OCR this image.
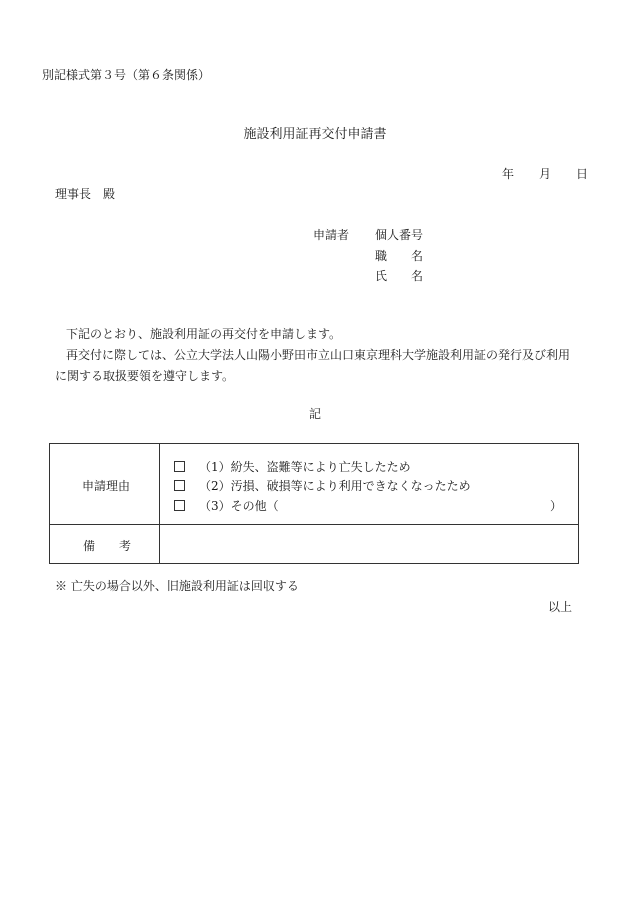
別記様式第３号（第６条関係）
施設利用証再交付申請書
年 月 日
理事長　殿
申請者 個人番号
職　　名
氏　　名
下記のとおり、施設利用証の再交付を申請します。
再交付に際しては、公立大学法人山陽小野田市立山口東京理科大学施設利用証の発行及び利用
に関する取扱要領を遵守します。
記
申請理由
（1）紛失、盗難等により亡失したため
（2）汚損、破損等により利用できなくなったため
（3）その他（	）
備　　考
※ 亡失の場合以外、旧施設利用証は回収する
以上
